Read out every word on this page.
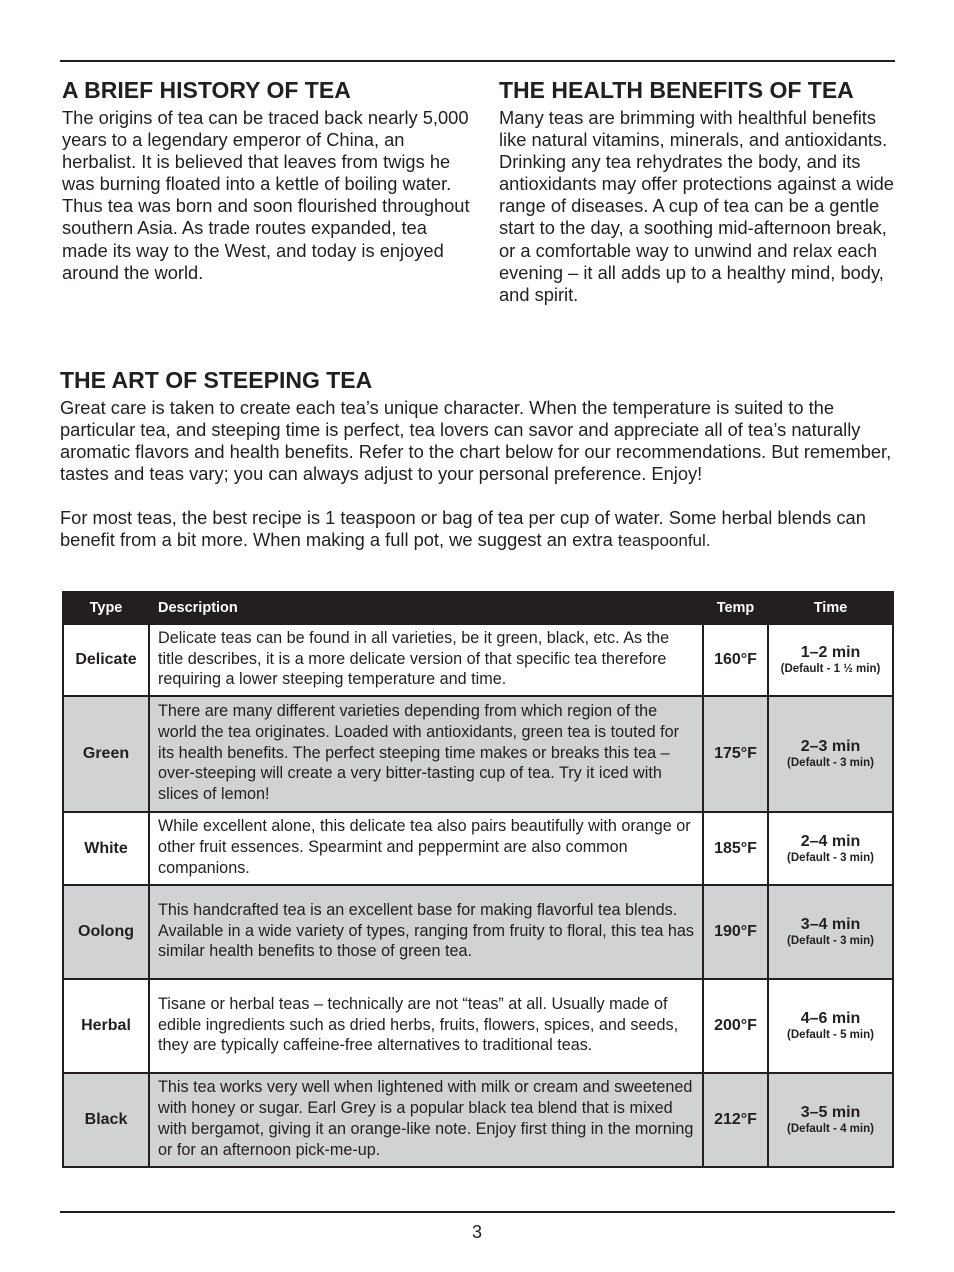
A BRIEF HISTORY OF TEA

The origins of tea can be traced back nearly 5,000 years to a legendary emperor of China, an herbalist. It is believed that leaves from twigs he was burning floated into a kettle of boiling water. Thus tea was born and soon flourished throughout southern Asia. As trade routes expanded, tea made its way to the West, and today is enjoyed around the world.

THE HEALTH BENEFITS OF TEA

Many teas are brimming with healthful benefits like natural vitamins, minerals, and antioxidants. Drinking any tea rehydrates the body, and its antioxidants may offer protections against a wide range of diseases. A cup of tea can be a gentle start to the day, a soothing mid-afternoon break, or a comfortable way to unwind and relax each evening – it all adds up to a healthy mind, body, and spirit.

THE ART OF STEEPING TEA

Great care is taken to create each tea’s unique character. When the temperature is suited to the particular tea, and steeping time is perfect, tea lovers can savor and appreciate all of tea’s naturally aromatic flavors and health benefits. Refer to the chart below for our recommendations. But remember, tastes and teas vary; you can always adjust to your personal preference. Enjoy!

For most teas, the best recipe is 1 teaspoon or bag of tea per cup of water. Some herbal blends can benefit from a bit more. When making a full pot, we suggest an extra teaspoonful.

Type	Description	Temp	Time
Delicate	Delicate teas can be found in all varieties, be it green, black, etc. As the title describes, it is a more delicate version of that specific tea therefore requiring a lower steeping temperature and time.	160°F	1–2 min
(Default - 1 ½ min)

Green	There are many different varieties depending from which region of the world the tea originates. Loaded with antioxidants, green tea is touted for its health benefits. The perfect steeping time makes or breaks this tea – over-steeping will create a very bitter-tasting cup of tea. Try it iced with slices of lemon!	175°F	2–3 min
(Default - 3 min)

White	While excellent alone, this delicate tea also pairs beautifully with orange or other fruit essences. Spearmint and peppermint are also common companions.	185°F	2–4 min
(Default - 3 min)

Oolong	This handcrafted tea is an excellent base for making flavorful tea blends. Available in a wide variety of types, ranging from fruity to floral, this tea has similar health benefits to those of green tea.	190°F	3–4 min
(Default - 3 min)

Herbal	Tisane or herbal teas – technically are not “teas” at all. Usually made of edible ingredients such as dried herbs, fruits, flowers, spices, and seeds, they are typically caffeine-free alternatives to traditional teas.	200°F	4–6 min
(Default - 5 min)

Black	This tea works very well when lightened with milk or cream and sweetened with honey or sugar. Earl Grey is a popular black tea blend that is mixed with bergamot, giving it an orange-like note. Enjoy first thing in the morning or for an afternoon pick-me-up.	212°F	3–5 min
(Default - 4 min)
3
